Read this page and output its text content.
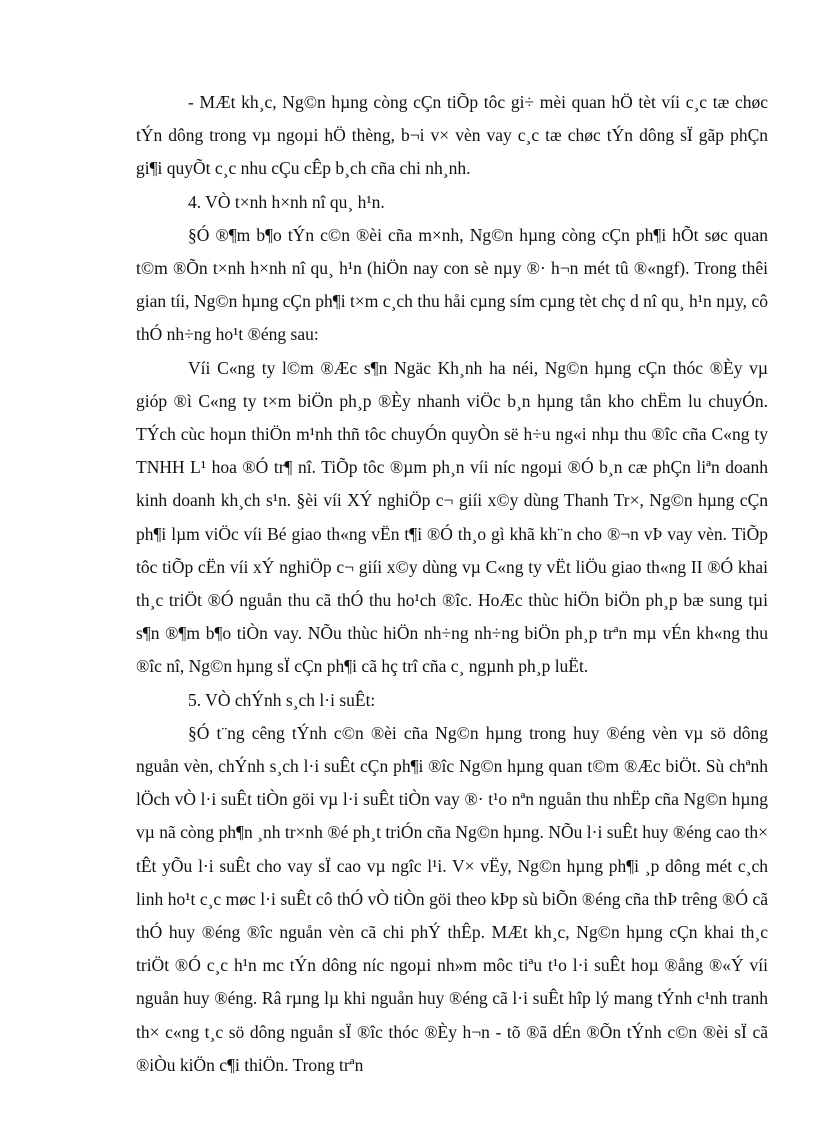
- MÆt kh¸c, Ng©n hµng còng cÇn tiÕp tôc gi÷ mèi quan hÖ tèt víi c¸c tæ chøc tÝn dông trong vµ ngoµi hÖ thèng, b¬i v× vèn vay c¸c tæ chøc tÝn dông sÏ gãp phÇn gi¶i quyÕt c¸c nhu cÇu cÊp b¸ch cña chi nh¸nh.

4. VÒ t×nh h×nh nî qu¸ h¹n.

§Ó ®¶m b¶o tÝn c©n ®èi cña m×nh, Ng©n hµng còng cÇn ph¶i hÕt søc quan t©m ®Õn t×nh h×nh nî qu¸ h¹n (hiÖn nay con sè nµy ®· h¬n mét tû ®«ngf). Trong thêi gian tíi, Ng©n hµng cÇn ph¶i t×m c¸ch thu håi cµng sím cµng tèt chç d nî qu¸ h¹n nµy, cô thÓ nh÷ng ho¹t ®éng sau:

Víi C«ng ty l©m ®Æc s¶n Ngäc Kh¸nh ha néi, Ng©n hµng cÇn thóc ®Èy vµ gióp ®ì C«ng ty t×m biÖn ph¸p ®Èy nhanh viÖc b¸n hµng tån kho chËm lu chuyÓn. TÝch cùc hoµn thiÖn m¹nh thñ tôc chuyÓn quyÒn së h÷u ng«i nhµ thu ®îc cña C«ng ty TNHH L¹ hoa ®Ó tr¶ nî. TiÕp tôc ®µm ph¸n víi níc ngoµi ®Ó b¸n cæ phÇn liªn doanh kinh doanh kh¸ch s¹n. §èi víi XÝ nghiÖp c¬ giíi x©y dùng Thanh Tr×, Ng©n hµng cÇn ph¶i lµm viÖc víi Bé giao th«ng vËn t¶i ®Ó th¸o gì khã kh¨n cho ®¬n vÞ vay vèn. TiÕp tôc tiÕp cËn víi xÝ nghiÖp c¬ giíi x©y dùng vµ C«ng ty vËt liÖu giao th«ng II ®Ó khai th¸c triÖt ®Ó nguån thu cã thÓ thu ho¹ch ®îc. HoÆc thùc hiÖn biÖn ph¸p bæ sung tµi s¶n ®¶m b¶o tiÒn vay. NÕu thùc hiÖn nh÷ng nh÷ng biÖn ph¸p trªn mµ vÉn kh«ng thu ®îc nî, Ng©n hµng sÏ cÇn ph¶i cã hç trî cña c¸ ngµnh ph¸p luËt.

5. VÒ chÝnh s¸ch l·i suÊt:

§Ó t¨ng cêng tÝnh c©n ®èi cña Ng©n hµng trong huy ®éng vèn vµ sö dông nguån vèn, chÝnh s¸ch l·i suÊt cÇn ph¶i ®îc Ng©n hµng quan t©m ®Æc biÖt. Sù chªnh lÖch vÒ l·i suÊt tiÒn göi vµ l·i suÊt tiÒn vay ®· t¹o nªn nguån thu nhËp cña Ng©n hµng vµ nã còng ph¶n ¸nh tr×nh ®é ph¸t triÓn cña Ng©n hµng. NÕu l·i suÊt huy ®éng cao th× tÊt yÕu l·i suÊt cho vay sÏ cao vµ ngîc l¹i. V× vËy, Ng©n hµng ph¶i ¸p dông mét c¸ch linh ho¹t c¸c møc l·i suÊt cô thÓ vÒ tiÒn göi theo kÞp sù biÕn ®éng cña thÞ trêng ®Ó cã thÓ huy ®éng ®îc nguån vèn cã chi phÝ thÊp. MÆt kh¸c, Ng©n hµng cÇn khai th¸c triÖt ®Ó c¸c h¹n mc tÝn dông níc ngoµi nh»m môc tiªu t¹o l·i suÊt hoµ ®ång ®«Ý víi nguån huy ®éng. Râ rµng lµ khi nguån huy ®éng cã l·i suÊt hîp lý mang tÝnh c¹nh tranh th× c«ng t¸c sö dông nguån sÏ ®îc thóc ®Èy h¬n - tõ ®ã dÉn ®Õn tÝnh c©n ®èi sÏ cã ®iÒu kiÖn c¶i thiÖn. Trong trªn
